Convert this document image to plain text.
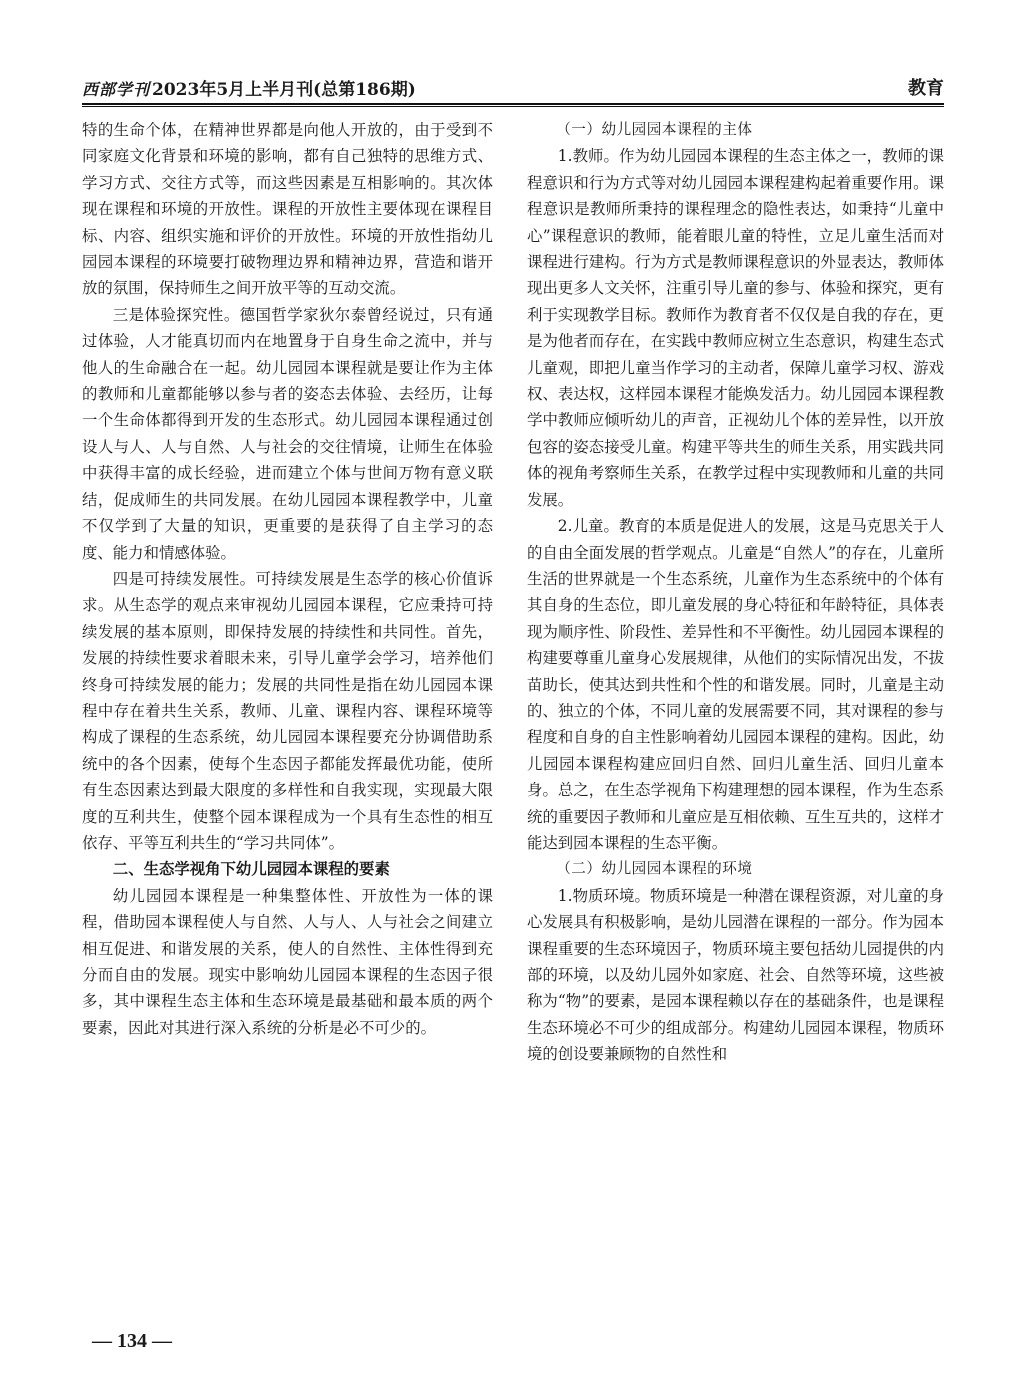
西部学刊 2023年5月上半月刊(总第186期)	教育

特的生命个体，在精神世界都是向他人开放的，由于受到不同家庭文化背景和环境的影响，都有自己独特的思维方式、学习方式、交往方式等，而这些因素是互相影响的。其次体现在课程和环境的开放性。课程的开放性主要体现在课程目标、内容、组织实施和评价的开放性。环境的开放性指幼儿园园本课程的环境要打破物理边界和精神边界，营造和谐开放的氛围，保持师生之间开放平等的互动交流。

三是体验探究性。德国哲学家狄尔泰曾经说过，只有通过体验，人才能真切而内在地置身于自身生命之流中，并与他人的生命融合在一起。幼儿园园本课程就是要让作为主体的教师和儿童都能够以参与者的姿态去体验、去经历，让每一个生命体都得到开发的生态形式。幼儿园园本课程通过创设人与人、人与自然、人与社会的交往情境，让师生在体验中获得丰富的成长经验，进而建立个体与世间万物有意义联结，促成师生的共同发展。在幼儿园园本课程教学中，儿童不仅学到了大量的知识，更重要的是获得了自主学习的态度、能力和情感体验。

四是可持续发展性。可持续发展是生态学的核心价值诉求。从生态学的观点来审视幼儿园园本课程，它应秉持可持续发展的基本原则，即保持发展的持续性和共同性。首先，发展的持续性要求着眼未来，引导儿童学会学习，培养他们终身可持续发展的能力；发展的共同性是指在幼儿园园本课程中存在着共生关系，教师、儿童、课程内容、课程环境等构成了课程的生态系统，幼儿园园本课程要充分协调借助系统中的各个因素，使每个生态因子都能发挥最优功能，使所有生态因素达到最大限度的多样性和自我实现，实现最大限度的互利共生，使整个园本课程成为一个具有生态性的相互依存、平等互利共生的“学习共同体”。

二、生态学视角下幼儿园园本课程的要素

幼儿园园本课程是一种集整体性、开放性为一体的课程，借助园本课程使人与自然、人与人、人与社会之间建立相互促进、和谐发展的关系，使人的自然性、主体性得到充分而自由的发展。现实中影响幼儿园园本课程的生态因子很多，其中课程生态主体和生态环境是最基础和最本质的两个要素，因此对其进行深入系统的分析是必不可少的。

（一）幼儿园园本课程的主体

1.教师。作为幼儿园园本课程的生态主体之一，教师的课程意识和行为方式等对幼儿园园本课程建构起着重要作用。课程意识是教师所秉持的课程理念的隐性表达，如秉持“儿童中心”课程意识的教师，能着眼儿童的特性，立足儿童生活而对课程进行建构。行为方式是教师课程意识的外显表达，教师体现出更多人文关怀，注重引导儿童的参与、体验和探究，更有利于实现教学目标。教师作为教育者不仅仅是自我的存在，更是为他者而存在，在实践中教师应树立生态意识，构建生态式儿童观，即把儿童当作学习的主动者，保障儿童学习权、游戏权、表达权，这样园本课程才能焕发活力。幼儿园园本课程教学中教师应倾听幼儿的声音，正视幼儿个体的差异性，以开放包容的姿态接受儿童。构建平等共生的师生关系，用实践共同体的视角考察师生关系，在教学过程中实现教师和儿童的共同发展。

2.儿童。教育的本质是促进人的发展，这是马克思关于人的自由全面发展的哲学观点。儿童是“自然人”的存在，儿童所生活的世界就是一个生态系统，儿童作为生态系统中的个体有其自身的生态位，即儿童发展的身心特征和年龄特征，具体表现为顺序性、阶段性、差异性和不平衡性。幼儿园园本课程的构建要尊重儿童身心发展规律，从他们的实际情况出发，不拔苗助长，使其达到共性和个性的和谐发展。同时，儿童是主动的、独立的个体，不同儿童的发展需要不同，其对课程的参与程度和自身的自主性影响着幼儿园园本课程的建构。因此，幼儿园园本课程构建应回归自然、回归儿童生活、回归儿童本身。总之，在生态学视角下构建理想的园本课程，作为生态系统的重要因子教师和儿童应是互相依赖、互生互共的，这样才能达到园本课程的生态平衡。

（二）幼儿园园本课程的环境

1.物质环境。物质环境是一种潜在课程资源，对儿童的身心发展具有积极影响，是幼儿园潜在课程的一部分。作为园本课程重要的生态环境因子，物质环境主要包括幼儿园提供的内部的环境，以及幼儿园外如家庭、社会、自然等环境，这些被称为“物”的要素，是园本课程赖以存在的基础条件，也是课程生态环境必不可少的组成部分。构建幼儿园园本课程，物质环境的创设要兼顾物的自然性和

— 134 —
